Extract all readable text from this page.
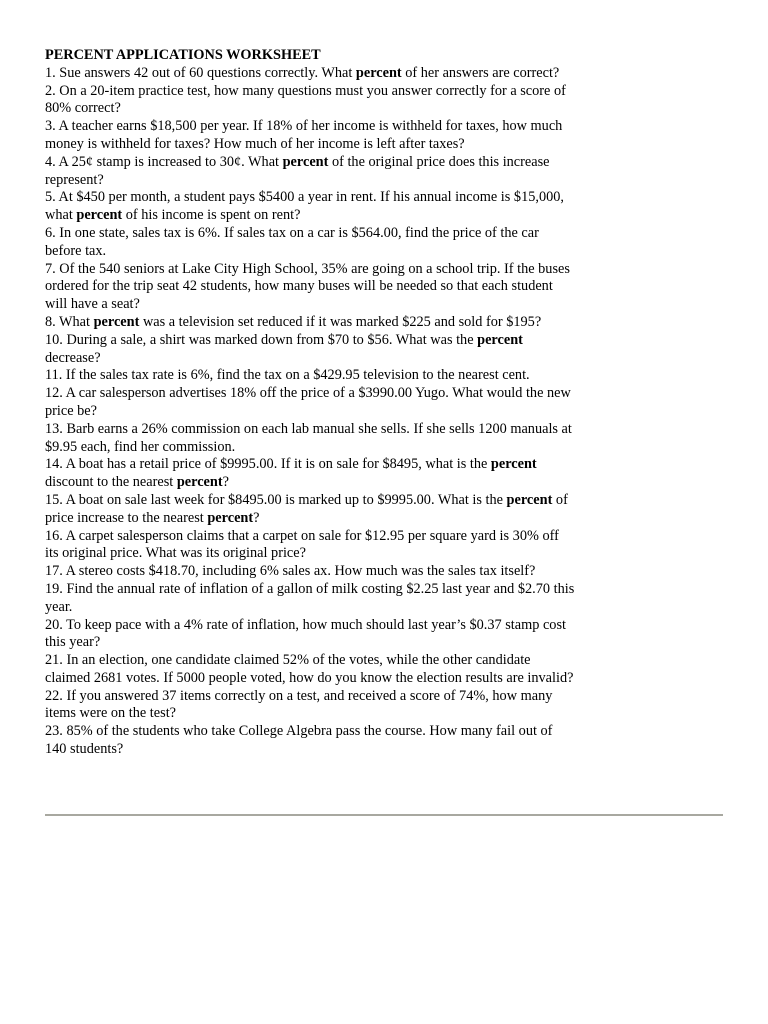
PERCENT APPLICATIONS WORKSHEET

1. Sue answers 42 out of 60 questions correctly. What percent of her answers are correct?

2. On a 20-item practice test, how many questions must you answer correctly for a score of 80% correct?

3. A teacher earns $18,500 per year. If 18% of her income is withheld for taxes, how much money is withheld for taxes? How much of her income is left after taxes?

4. A 25¢ stamp is increased to 30¢. What percent of the original price does this increase represent?

5. At $450 per month, a student pays $5400 a year in rent. If his annual income is $15,000, what percent of his income is spent on rent?

6. In one state, sales tax is 6%. If sales tax on a car is $564.00, find the price of the car before tax.

7. Of the 540 seniors at Lake City High School, 35% are going on a school trip. If the buses ordered for the trip seat 42 students, how many buses will be needed so that each student will have a seat?

8. What percent was a television set reduced if it was marked $225 and sold for $195?

10. During a sale, a shirt was marked down from $70 to $56. What was the percent decrease?

11. If the sales tax rate is 6%, find the tax on a $429.95 television to the nearest cent.

12. A car salesperson advertises 18% off the price of a $3990.00 Yugo. What would the new price be?

13. Barb earns a 26% commission on each lab manual she sells. If she sells 1200 manuals at $9.95 each, find her commission.

14. A boat has a retail price of $9995.00. If it is on sale for $8495, what is the percent discount to the nearest percent?

15. A boat on sale last week for $8495.00 is marked up to $9995.00. What is the percent of price increase to the nearest percent?

16. A carpet salesperson claims that a carpet on sale for $12.95 per square yard is 30% off its original price. What was its original price?

17. A stereo costs $418.70, including 6% sales ax. How much was the sales tax itself?

19. Find the annual rate of inflation of a gallon of milk costing $2.25 last year and $2.70 this year.

20. To keep pace with a 4% rate of inflation, how much should last year’s $0.37 stamp cost this year?

21. In an election, one candidate claimed 52% of the votes, while the other candidate claimed 2681 votes. If 5000 people voted, how do you know the election results are invalid?

22. If you answered 37 items correctly on a test, and received a score of 74%, how many items were on the test?

23. 85% of the students who take College Algebra pass the course. How many fail out of 140 students?
